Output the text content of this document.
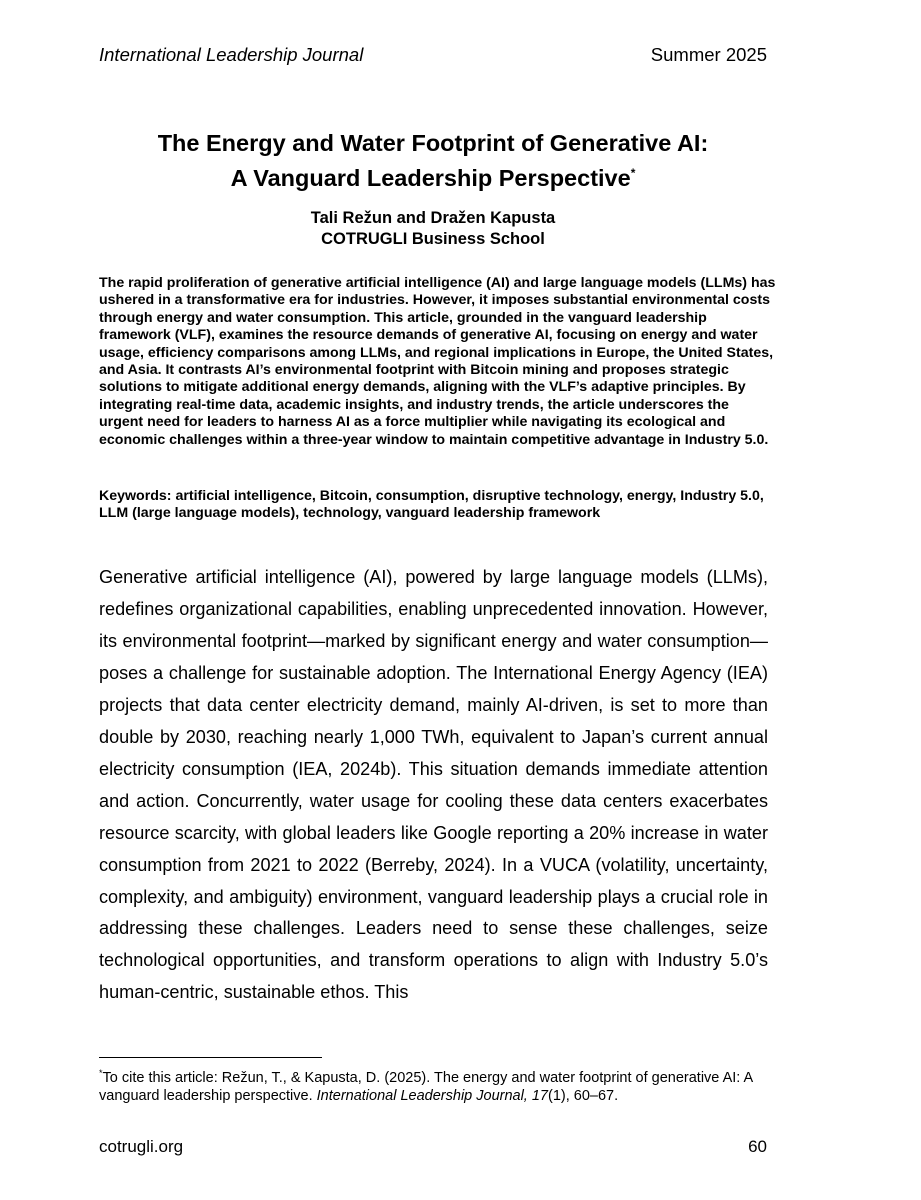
International Leadership Journal	Summer 2025

The Energy and Water Footprint of Generative AI:

A Vanguard Leadership Perspective*

Tali Režun and Dražen Kapusta
COTRUGLI Business School

The rapid proliferation of generative artificial intelligence (AI) and large language models (LLMs) has ushered in a transformative era for industries. However, it imposes substantial environmental costs through energy and water consumption. This article, grounded in the vanguard leadership framework (VLF), examines the resource demands of generative AI, focusing on energy and water usage, efficiency comparisons among LLMs, and regional implications in Europe, the United States, and Asia. It contrasts AI’s environmental footprint with Bitcoin mining and proposes strategic solutions to mitigate additional energy demands, aligning with the VLF’s adaptive principles. By integrating real-time data, academic insights, and industry trends, the article underscores the urgent need for leaders to harness AI as a force multiplier while navigating its ecological and economic challenges within a three-year window to maintain competitive advantage in Industry 5.0.

Keywords: artificial intelligence, Bitcoin, consumption, disruptive technology, energy, Industry 5.0, LLM (large language models), technology, vanguard leadership framework

Generative artificial intelligence (AI), powered by large language models (LLMs), redefines organizational capabilities, enabling unprecedented innovation. However, its environmental footprint—marked by significant energy and water consumption—poses a challenge for sustainable adoption. The International Energy Agency (IEA) projects that data center electricity demand, mainly AI-driven, is set to more than double by 2030, reaching nearly 1,000 TWh, equivalent to Japan’s current annual electricity consumption (IEA, 2024b). This situation demands immediate attention and action. Concurrently, water usage for cooling these data centers exacerbates resource scarcity, with global leaders like Google reporting a 20% increase in water consumption from 2021 to 2022 (Berreby, 2024). In a VUCA (volatility, uncertainty, complexity, and ambiguity) environment, vanguard leadership plays a crucial role in addressing these challenges. Leaders need to sense these challenges, seize technological opportunities, and transform operations to align with Industry 5.0’s human-centric, sustainable ethos. This

*To cite this article: Režun, T., & Kapusta, D. (2025). The energy and water footprint of generative AI: A vanguard leadership perspective. International Leadership Journal, 17(1), 60–67.

cotrugli.org	60
